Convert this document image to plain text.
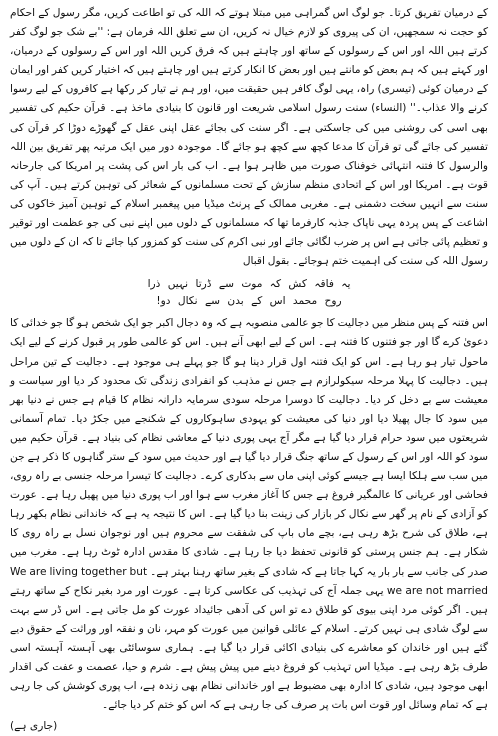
کے درمیان تفریق کرتا۔ جو لوگ اس گمراہی میں مبتلا ہوتے کہ اللہ کی تو اطاعت کریں، مگر رسول کے احکام کو حجت نہ سمجھیں، ان کی پیروی کو لازم خیال نہ کریں، ان سے تعلق اللہ فرمان ہے: ''بے شک جو لوگ کفر کرتے ہیں اللہ اور اس کے رسولوں کے ساتھ اور چاہتے ہیں کہ فرق کریں اللہ اور اس کے رسولوں کے درمیان، اور کہتے ہیں کہ ہم بعض کو مانتے ہیں اور بعض کا انکار کرتے ہیں اور چاہتے ہیں کہ اختیار کریں کفر اور ایمان کے درمیان کوئی (تیسری) راہ، یہی لوگ کافر ہیں حقیقت میں، اور ہم نے تیار کر رکھا ہے کافروں کے لیے رسوا کرنے والا عذاب۔'' (النساء) سنت رسول اسلامی شریعت اور قانون کا بنیادی ماخذ ہے۔ قرآن حکیم کی تفسیر بھی اسی کی روشنی میں کی جاسکتی ہے۔ اگر سنت کی بجائے عقل اپنی عقل کے گھوڑے دوڑا کر قرآن کی تفسیر کی جائے گی تو قرآن کا مدعا کچھ سے کچھ ہو جائے گا۔ موجودہ دور میں ایک مرتبہ پھر تفریق بین اللہ والرسول کا فتنہ انتہائی خوفناک صورت میں ظاہر ہوا ہے۔ اب کی بار اس کی پشت پر امریکا کی جارحانہ قوت ہے۔ امریکا اور اس کے اتحادی منظم سازش کے تحت مسلمانوں کے شعائر کی توہین کرتے ہیں۔ آپ کی سنت سے انہیں سخت دشمنی ہے۔ مغربی ممالک کے پرنٹ میڈیا میں پیغمبر اسلام کے توہین آمیز خاکوں کی اشاعت کے پس پردہ یہی ناپاک جذبہ کارفرما تھا کہ مسلمانوں کے دلوں میں اپنے نبی کی جو عظمت اور توقیر و تعظیم پائی جاتی ہے اس پر ضرب لگائی جائے اور نبی اکرم کی سنت کو کمزور کیا جائے تا کہ ان کے دلوں میں رسول اللہ کی سنت کی اہمیت ختم ہوجائے۔ بقول اقبال

یہ فاقہ کش کہ موت سے ڈرتا نہیں ذرا
روح محمد اس کے بدن سے نکال دو!

اس فتنہ کے پس منظر میں دجالیت کا جو عالمی منصوبہ ہے کہ وہ دجال اکبر جو ایک شخص ہو گا جو خدائی کا دعویٰ کرے گا اور جو فتنوں کا فتنہ ہے۔ اس کے لیے ابھی آنے ہیں۔ اس کو عالمی طور پر قبول کرنے کے لیے ایک ماحول تیار ہو رہا ہے۔ اس کو ایک فتنہ اول قرار دینا ہو گا جو پہلے ہی موجود ہے۔ دجالیت کے تین مراحل ہیں۔ دجالیت کا پہلا مرحلہ سیکولرازم ہے جس نے مذہب کو انفرادی زندگی تک محدود کر دیا اور سیاست و معیشت سے بے دخل کر دیا۔ دجالیت کا دوسرا مرحلہ سودی سرمایہ دارانہ نظام کا قیام ہے جس نے دنیا بھر میں سود کا جال پھیلا دیا اور دنیا کی معیشت کو یہودی ساہوکاروں کے شکنجے میں جکڑ دیا۔ تمام آسمانی شریعتوں میں سود حرام قرار دیا گیا ہے مگر آج یہی پوری دنیا کے معاشی نظام کی بنیاد ہے۔ قرآن حکیم میں سود کو اللہ اور اس کے رسول کے ساتھ جنگ قرار دیا گیا ہے اور حدیث میں سود کے ستر گناہوں کا ذکر ہے جن میں سب سے ہلکا ایسا ہے جیسے کوئی اپنی ماں سے بدکاری کرے۔ دجالیت کا تیسرا مرحلہ جنسی بے راہ روی، فحاشی اور عریانی کا عالمگیر فروغ ہے جس کا آغاز مغرب سے ہوا اور اب پوری دنیا میں پھیل رہا ہے۔ عورت کو آزادی کے نام پر گھر سے نکال کر بازار کی زینت بنا دیا گیا ہے۔ اس کا نتیجہ یہ ہے کہ خاندانی نظام بکھر رہا ہے، طلاق کی شرح بڑھ رہی ہے، بچے ماں باپ کی شفقت سے محروم ہیں اور نوجوان نسل بے راہ روی کا شکار ہے۔ ہم جنس پرستی کو قانونی تحفظ دیا جا رہا ہے۔ شادی کا مقدس ادارہ ٹوٹ رہا ہے۔ مغرب میں صدر کی جانب سے بار بار یہ کہا جاتا ہے کہ شادی کے بغیر ساتھ رہنا بہتر ہے۔ We are living together but we are not married یہی جملہ آج کی تہذیب کی عکاسی کرتا ہے۔ عورت اور مرد بغیر نکاح کے ساتھ رہتے ہیں۔ اگر کوئی مرد اپنی بیوی کو طلاق دے تو اس کی آدھی جائیداد عورت کو مل جاتی ہے۔ اس ڈر سے بہت سے لوگ شادی ہی نہیں کرتے۔ اسلام کے عائلی قوانین میں عورت کو مہر، نان و نفقہ اور وراثت کے حقوق دیے گئے ہیں اور خاندان کو معاشرے کی بنیادی اکائی قرار دیا گیا ہے۔ ہماری سوسائٹی بھی آہستہ آہستہ اسی طرف بڑھ رہی ہے۔ میڈیا اس تہذیب کو فروغ دینے میں پیش پیش ہے۔ شرم و حیا، عصمت و عفت کی اقدار ابھی موجود ہیں، شادی کا ادارہ بھی مضبوط ہے اور خاندانی نظام بھی زندہ ہے، اب پوری کوشش کی جا رہی ہے کہ تمام وسائل اور قوت اس بات پر صرف کی جا رہی ہے کہ اس کو ختم کر دیا جائے۔

(جاری ہے)
